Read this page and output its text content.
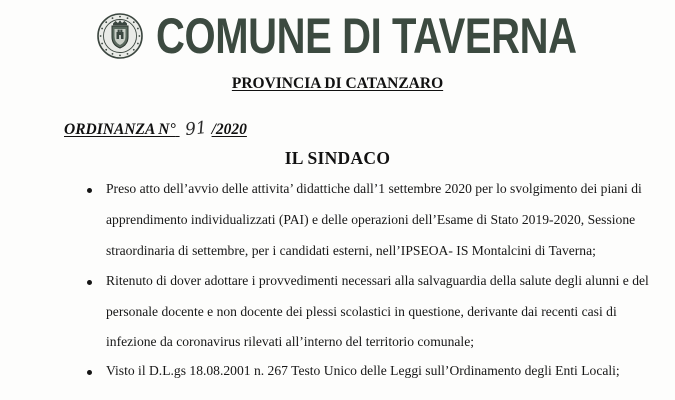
COMUNE DI TAVERNA
PROVINCIA DI CATANZARO
ORDINANZA N° 91 /2020
IL SINDACO
Preso atto dell’avvio delle attivita’ didattiche dall’1 settembre 2020 per lo svolgimento dei piani di
apprendimento individualizzati (PAI) e delle operazioni dell’Esame di Stato 2019-2020, Sessione
straordinaria di settembre, per i candidati esterni, nell’IPSEOA- IS Montalcini di Taverna;
Ritenuto di dover adottare i provvedimenti necessari alla salvaguardia della salute degli alunni e del
personale docente e non docente dei plessi scolastici in questione, derivante dai recenti casi di
infezione da coronavirus rilevati all’interno del territorio comunale;
Visto il D.L.gs 18.08.2001 n. 267 Testo Unico delle Leggi sull’Ordinamento degli Enti Locali;
